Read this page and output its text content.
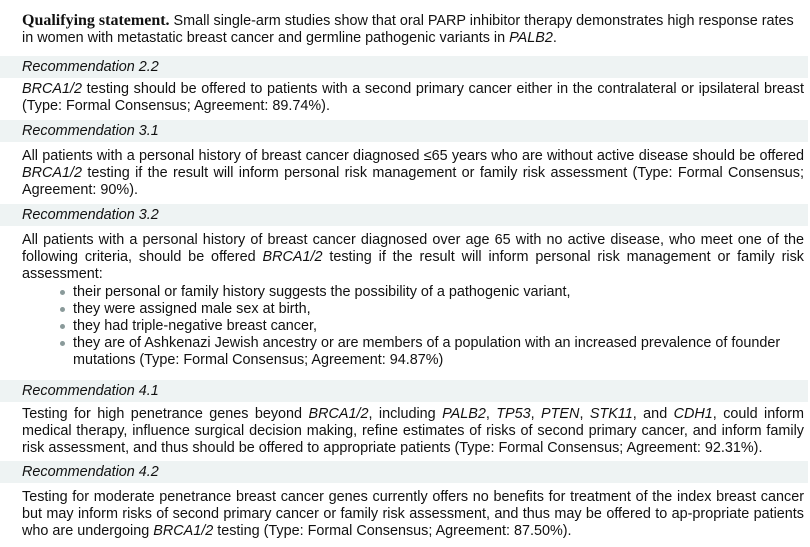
Qualifying statement. Small single-arm studies show that oral PARP inhibitor therapy demonstrates high response rates in women with metastatic breast cancer and germline pathogenic variants in PALB2.

Recommendation 2.2

BRCA1/2 testing should be offered to patients with a second primary cancer either in the contralateral or ipsilateral breast (Type: Formal Consensus; Agreement: 89.74%).

Recommendation 3.1

All patients with a personal history of breast cancer diagnosed ≤65 years who are without active disease should be offered BRCA1/2 testing if the result will inform personal risk management or family risk assessment (Type: Formal Consensus; Agreement: 90%).

Recommendation 3.2

All patients with a personal history of breast cancer diagnosed over age 65 with no active disease, who meet one of the following criteria, should be offered BRCA1/2 testing if the result will inform personal risk management or family risk assessment:

their personal or family history suggests the possibility of a pathogenic variant,
they were assigned male sex at birth,
they had triple-negative breast cancer,
they are of Ashkenazi Jewish ancestry or are members of a population with an increased prevalence of founder mutations (Type: Formal Consensus; Agreement: 94.87%)
Recommendation 4.1

Testing for high penetrance genes beyond BRCA1/2, including PALB2, TP53, PTEN, STK11, and CDH1, could inform medical therapy, influence surgical decision making, refine estimates of risks of second primary cancer, and inform family risk assessment, and thus should be offered to appropriate patients (Type: Formal Consensus; Agreement: 92.31%).

Recommendation 4.2

Testing for moderate penetrance breast cancer genes currently offers no benefits for treatment of the index breast cancer but may inform risks of second primary cancer or family risk assessment, and thus may be offered to ap-propriate patients who are undergoing BRCA1/2 testing (Type: Formal Consensus; Agreement: 87.50%).
